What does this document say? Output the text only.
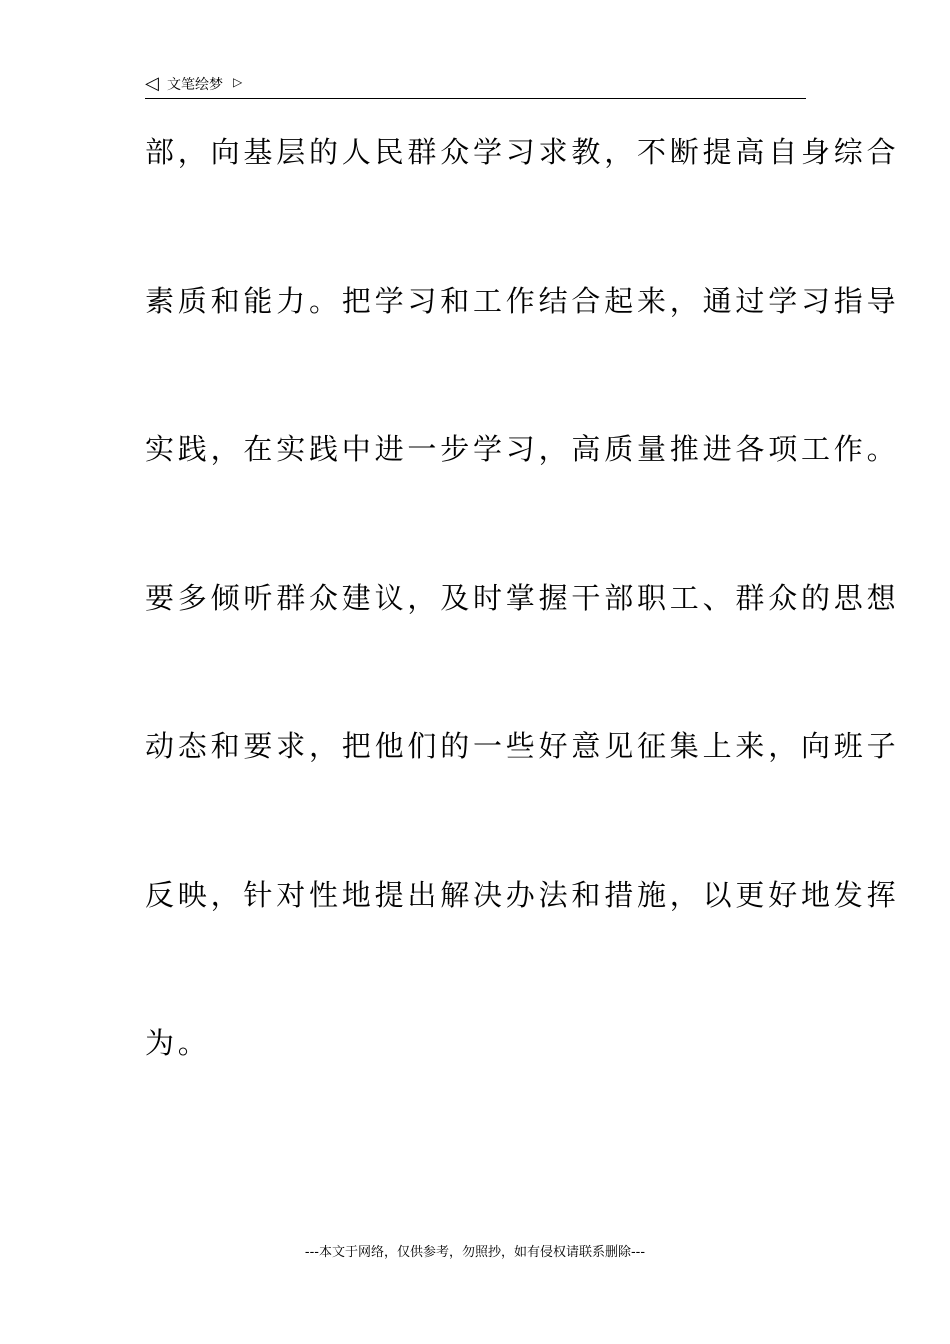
◁ 文笔绘梦 ▷
部，向基层的人民群众学习求教，不断提高自身综合
素质和能力。把学习和工作结合起来，通过学习指导
实践，在实践中进一步学习，高质量推进各项工作。
要多倾听群众建议，及时掌握干部职工、群众的思想
动态和要求，把他们的一些好意见征集上来，向班子
反映，针对性地提出解决办法和措施，以更好地发挥
为。
---本文于网络，仅供参考，勿照抄，如有侵权请联系删除---
